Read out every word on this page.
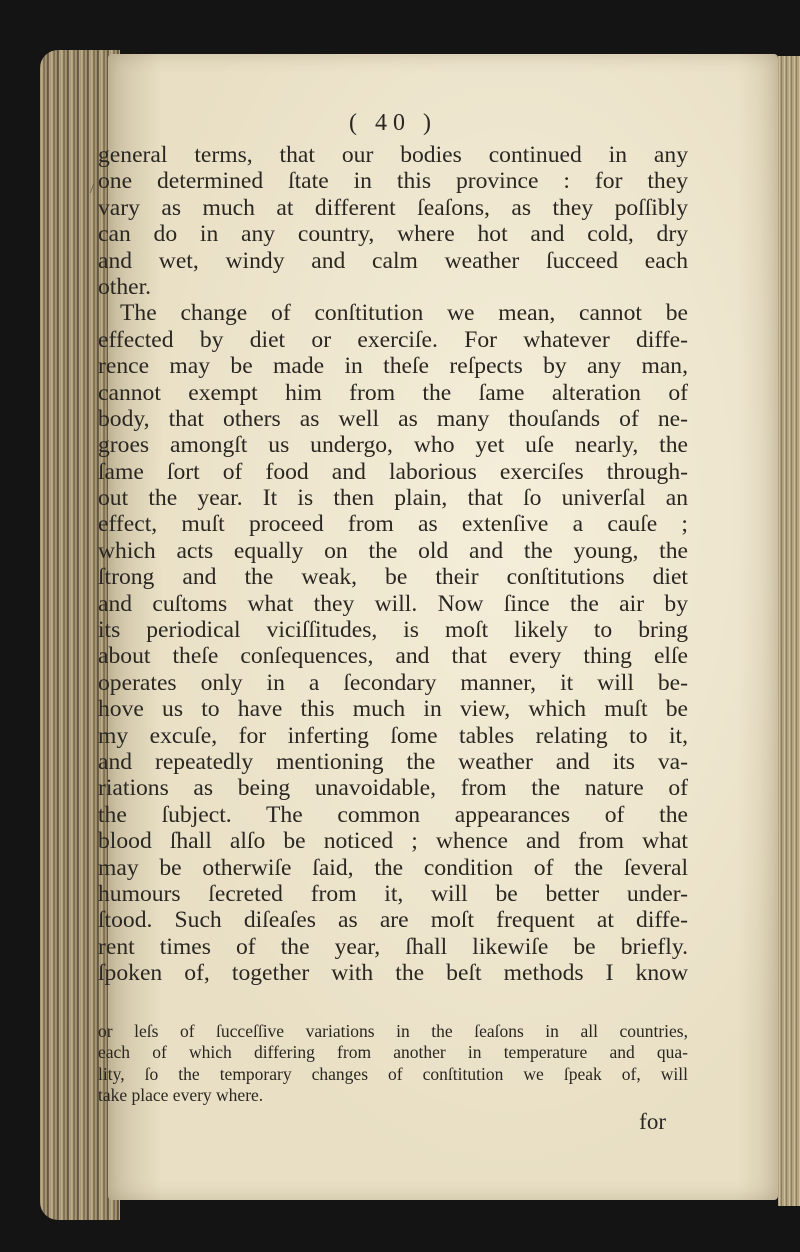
/
( 40 )
general terms, that our bodies continued in any
one determined ſtate in this province : for they
vary as much at different ſeaſons, as they poſſibly
can do in any country, where hot and cold, dry
and wet, windy and calm weather ſucceed each
other.
The change of conſtitution we mean, cannot be
effected by diet or exerciſe. For whatever diffe-
rence may be made in theſe reſpects by any man,
cannot exempt him from the ſame alteration of
body, that others as well as many thouſands of ne-
groes amongſt us undergo, who yet uſe nearly, the
ſame ſort of food and laborious exerciſes through-
out the year. It is then plain, that ſo univerſal an
effect, muſt proceed from as extenſive a cauſe ;
which acts equally on the old and the young, the
ſtrong and the weak, be their conſtitutions diet
and cuſtoms what they will. Now ſince the air by
its periodical viciſſitudes, is moſt likely to bring
about theſe conſequences, and that every thing elſe
operates only in a ſecondary manner, it will be-
hove us to have this much in view, which muſt be
my excuſe, for inferting ſome tables relating to it,
and repeatedly mentioning the weather and its va-
riations as being unavoidable, from the nature of
the ſubject. The common appearances of the
blood ſhall alſo be noticed ; whence and from what
may be otherwiſe ſaid, the condition of the ſeveral
humours ſecreted from it, will be better under-
ſtood. Such diſeaſes as are moſt frequent at diffe-
rent times of the year, ſhall likewiſe be briefly.
ſpoken of, together with the beſt methods I know
or leſs of ſucceſſive variations in the ſeaſons in all countries,
each of which differing from another in temperature and qua-
lity, ſo the temporary changes of conſtitution we ſpeak of, will
take place every where.
for
